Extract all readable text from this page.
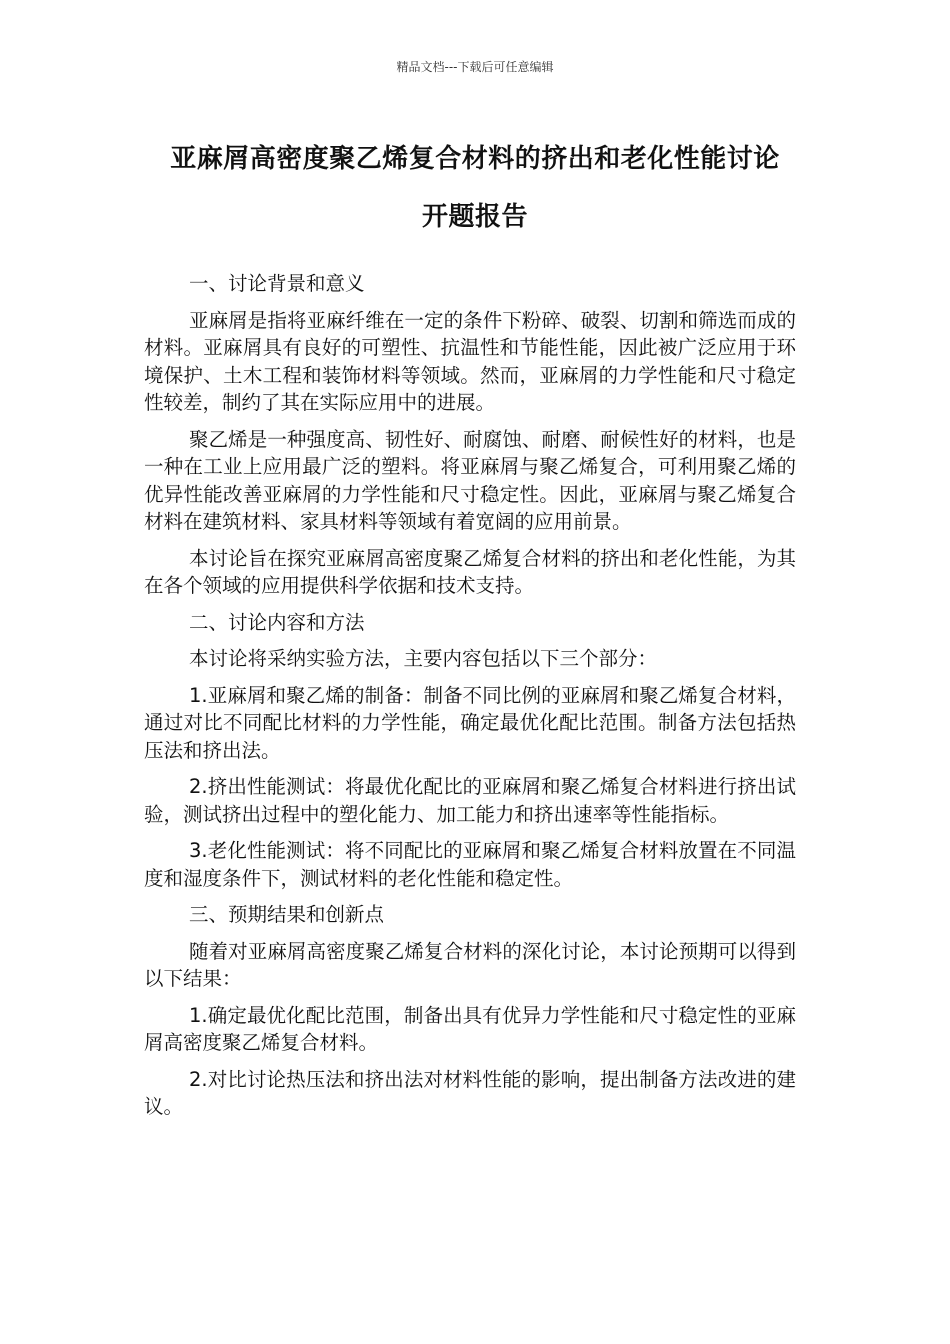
精品文档---下载后可任意编辑
亚麻屑高密度聚乙烯复合材料的挤出和老化性能讨论
开题报告

一、讨论背景和意义

亚麻屑是指将亚麻纤维在一定的条件下粉碎、破裂、切割和筛选而成的材料。亚麻屑具有良好的可塑性、抗温性和节能性能，因此被广泛应用于环境保护、土木工程和装饰材料等领域。然而，亚麻屑的力学性能和尺寸稳定性较差，制约了其在实际应用中的进展。

聚乙烯是一种强度高、韧性好、耐腐蚀、耐磨、耐候性好的材料，也是一种在工业上应用最广泛的塑料。将亚麻屑与聚乙烯复合，可利用聚乙烯的优异性能改善亚麻屑的力学性能和尺寸稳定性。因此，亚麻屑与聚乙烯复合材料在建筑材料、家具材料等领域有着宽阔的应用前景。

本讨论旨在探究亚麻屑高密度聚乙烯复合材料的挤出和老化性能，为其在各个领域的应用提供科学依据和技术支持。

二、讨论内容和方法

本讨论将采纳实验方法，主要内容包括以下三个部分：

1.亚麻屑和聚乙烯的制备：制备不同比例的亚麻屑和聚乙烯复合材料，通过对比不同配比材料的力学性能，确定最优化配比范围。制备方法包括热压法和挤出法。

2.挤出性能测试：将最优化配比的亚麻屑和聚乙烯复合材料进行挤出试验，测试挤出过程中的塑化能力、加工能力和挤出速率等性能指标。

3.老化性能测试：将不同配比的亚麻屑和聚乙烯复合材料放置在不同温度和湿度条件下，测试材料的老化性能和稳定性。

三、预期结果和创新点

随着对亚麻屑高密度聚乙烯复合材料的深化讨论，本讨论预期可以得到以下结果：

1.确定最优化配比范围，制备出具有优异力学性能和尺寸稳定性的亚麻屑高密度聚乙烯复合材料。

2.对比讨论热压法和挤出法对材料性能的影响，提出制备方法改进的建议。
